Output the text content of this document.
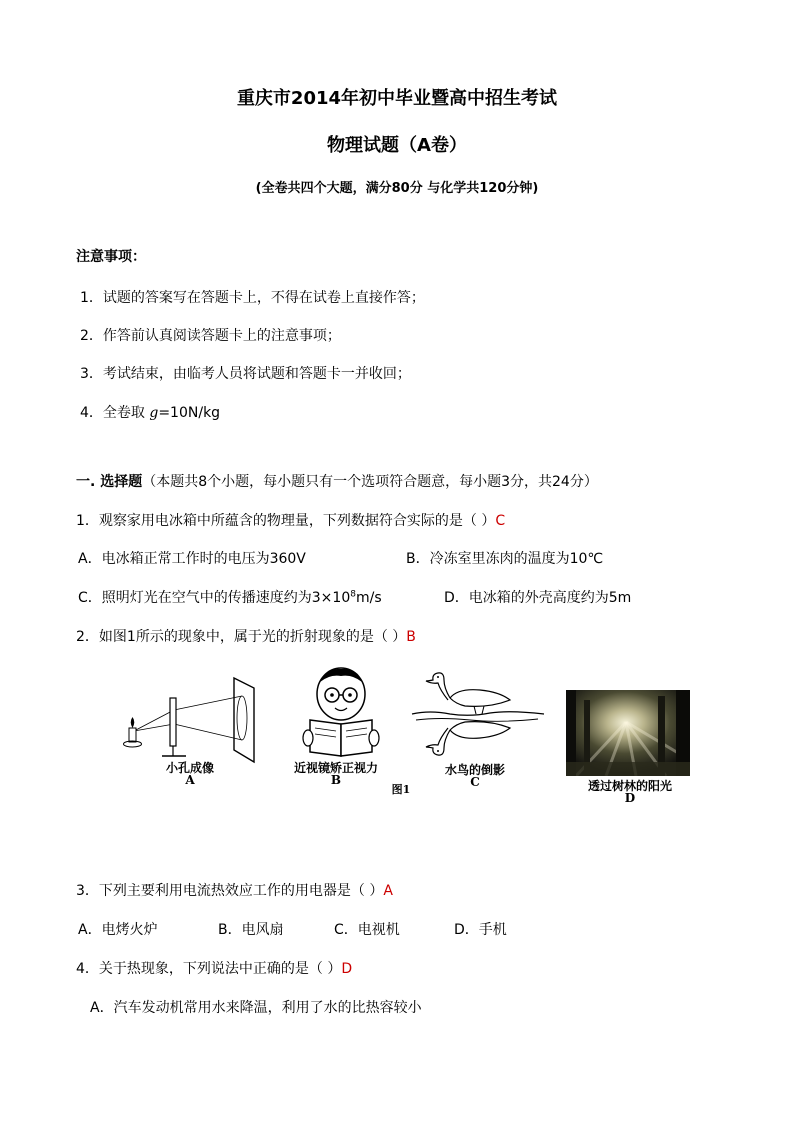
重庆市2014年初中毕业暨高中招生考试
物理试题（A卷）
(全卷共四个大题，满分80分 与化学共120分钟)
注意事项：
1．试题的答案写在答题卡上，不得在试卷上直接作答；
2．作答前认真阅读答题卡上的注意事项；
3．考试结束，由临考人员将试题和答题卡一并收回；
4．全卷取 g=10N/kg
一. 选择题（本题共8个小题，每小题只有一个选项符合题意，每小题3分，共24分）
1．观察家用电冰箱中所蕴含的物理量，下列数据符合实际的是（ ）C
A．电冰箱正常工作时的电压为360V	B．冷冻室里冻肉的温度为10℃
C．照明灯光在空气中的传播速度约为$3\times 10^8m/s$	D．电冰箱的外壳高度约为5m
2．如图1所示的现象中，属于光的折射现象的是（ ）B
小孔成像
A
近视镜矫正视力
B
水鸟的倒影
C
图1	透过树林的阳光
D
3．下列主要利用电流热效应工作的用电器是（ ）A
A．电烤火炉	B．电风扇	C．电视机	D．手机
4．关于热现象，下列说法中正确的是（ ）D
A．汽车发动机常用水来降温，利用了水的比热容较小
